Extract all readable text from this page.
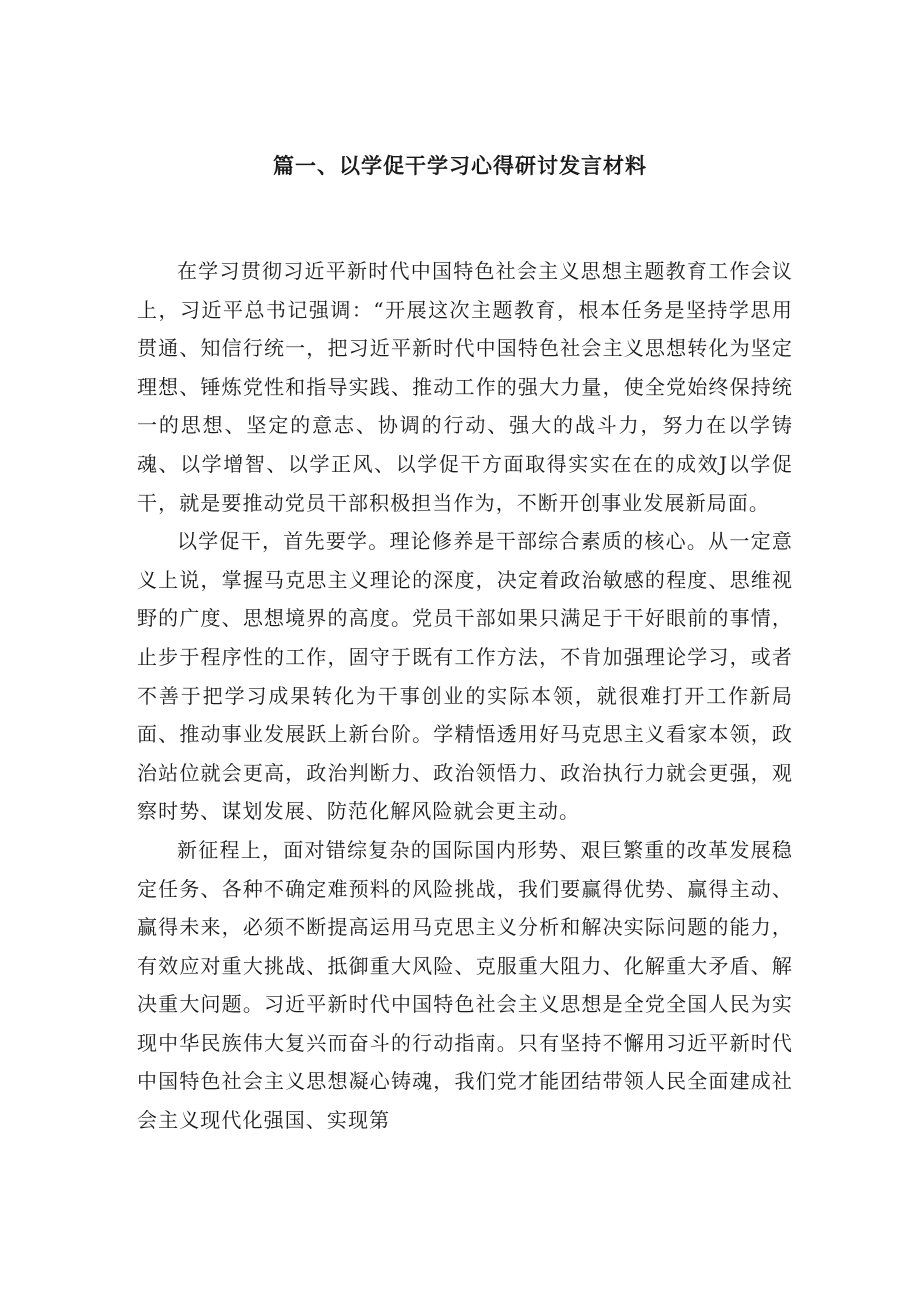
篇一、以学促干学习心得研讨发言材料

在学习贯彻习近平新时代中国特色社会主义思想主题教育工作会议上，习近平总书记强调：“开展这次主题教育，根本任务是坚持学思用贯通、知信行统一，把习近平新时代中国特色社会主义思想转化为坚定理想、锤炼党性和指导实践、推动工作的强大力量，使全党始终保持统一的思想、坚定的意志、协调的行动、强大的战斗力，努力在以学铸魂、以学增智、以学正风、以学促干方面取得实实在在的成效J以学促干，就是要推动党员干部积极担当作为，不断开创事业发展新局面。

以学促干，首先要学。理论修养是干部综合素质的核心。从一定意义上说，掌握马克思主义理论的深度，决定着政治敏感的程度、思维视野的广度、思想境界的高度。党员干部如果只满足于干好眼前的事情，止步于程序性的工作，固守于既有工作方法，不肯加强理论学习，或者不善于把学习成果转化为干事创业的实际本领，就很难打开工作新局面、推动事业发展跃上新台阶。学精悟透用好马克思主义看家本领，政治站位就会更高，政治判断力、政治领悟力、政治执行力就会更强，观察时势、谋划发展、防范化解风险就会更主动。

新征程上，面对错综复杂的国际国内形势、艰巨繁重的改革发展稳定任务、各种不确定难预料的风险挑战，我们要赢得优势、赢得主动、赢得未来，必须不断提高运用马克思主义分析和解决实际问题的能力，有效应对重大挑战、抵御重大风险、克服重大阻力、化解重大矛盾、解决重大问题。习近平新时代中国特色社会主义思想是全党全国人民为实现中华民族伟大复兴而奋斗的行动指南。只有坚持不懈用习近平新时代中国特色社会主义思想凝心铸魂，我们党才能团结带领人民全面建成社会主义现代化强国、实现第
